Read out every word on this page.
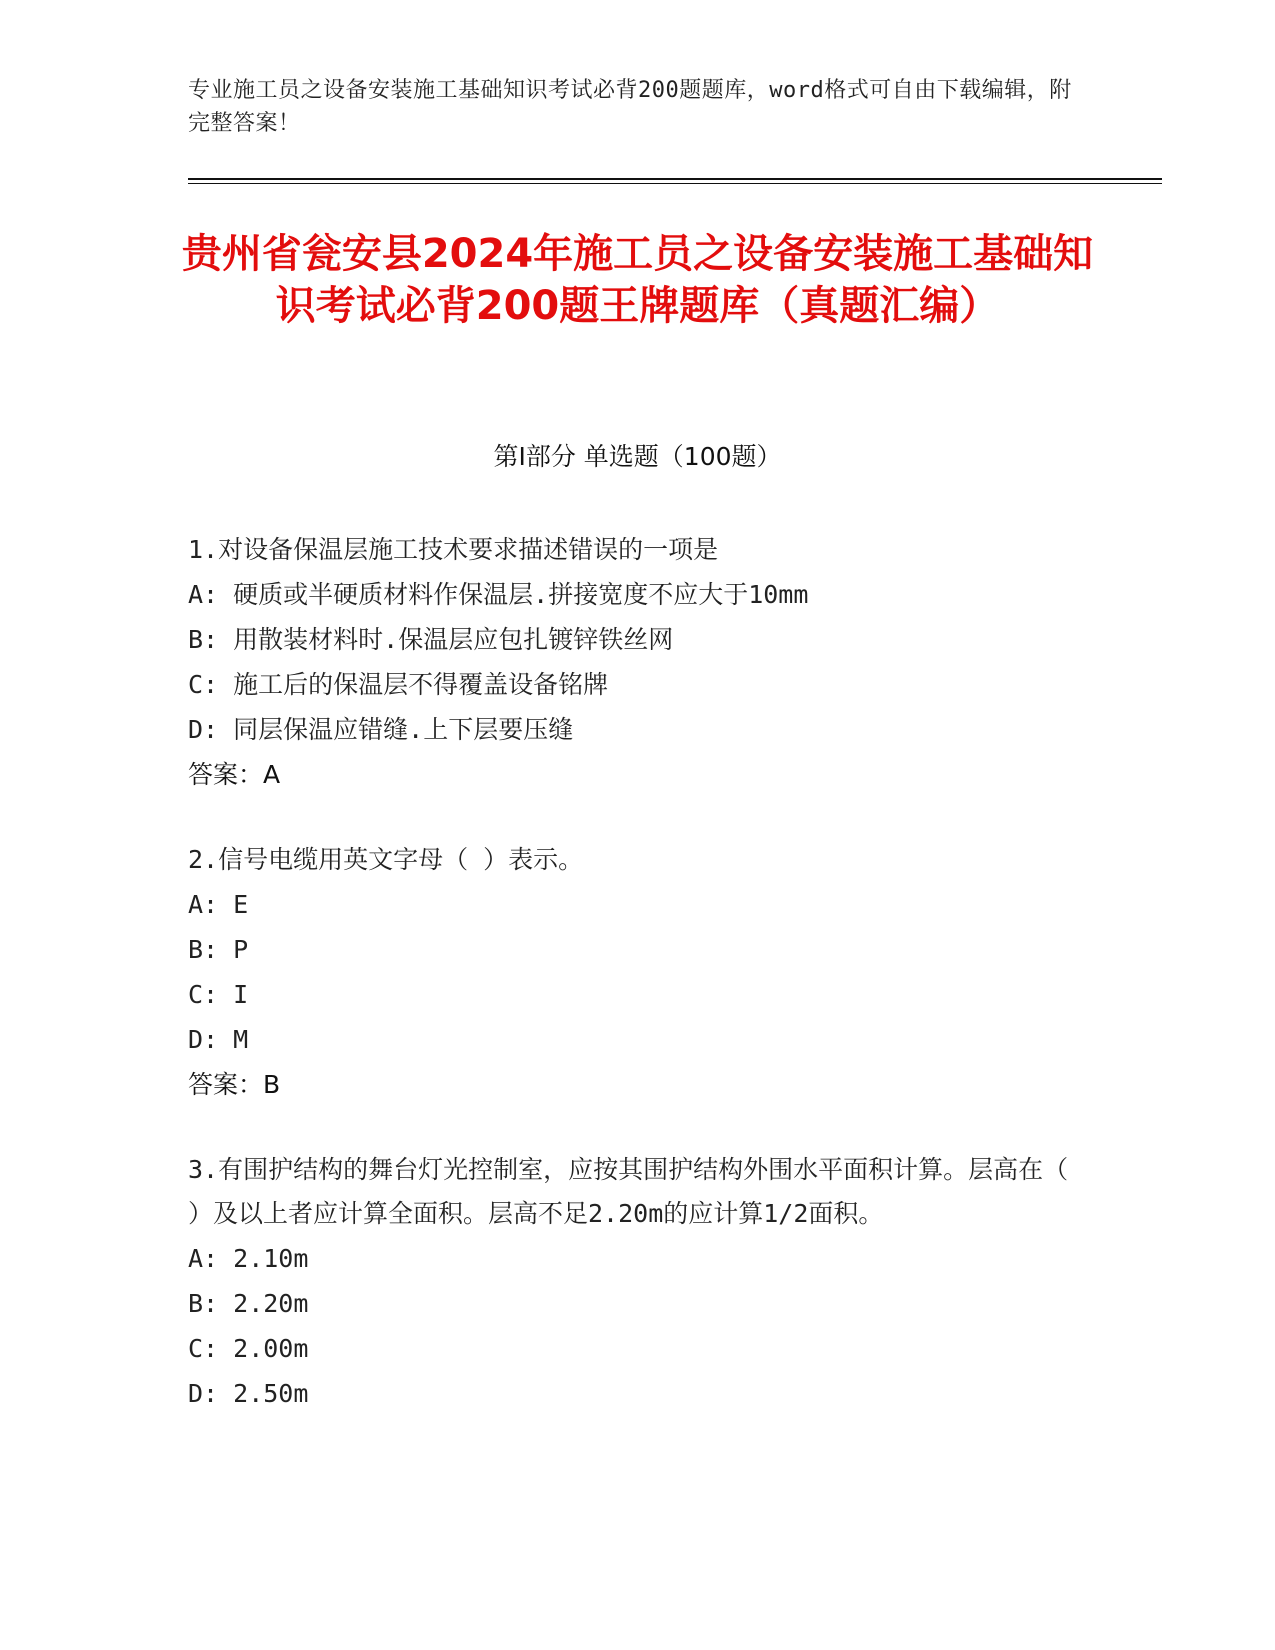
专业施工员之设备安装施工基础知识考试必背200题题库，word格式可自由下载编辑，附完整答案！
贵州省瓮安县2024年施工员之设备安装施工基础知识考试必背200题王牌题库（真题汇编）
第I部分 单选题（100题）
1.对设备保温层施工技术要求描述错误的一项是
A: 硬质或半硬质材料作保温层.拼接宽度不应大于10mm
B: 用散装材料时.保温层应包扎镀锌铁丝网
C: 施工后的保温层不得覆盖设备铭牌
D: 同层保温应错缝.上下层要压缝
答案：A
2.信号电缆用英文字母（ ）表示。
A: E
B: P
C: I
D: M
答案：B
3.有围护结构的舞台灯光控制室，应按其围护结构外围水平面积计算。层高在（ ）及以上者应计算全面积。层高不足2.20m的应计算1/2面积。
A: 2.10m
B: 2.20m
C: 2.00m
D: 2.50m
